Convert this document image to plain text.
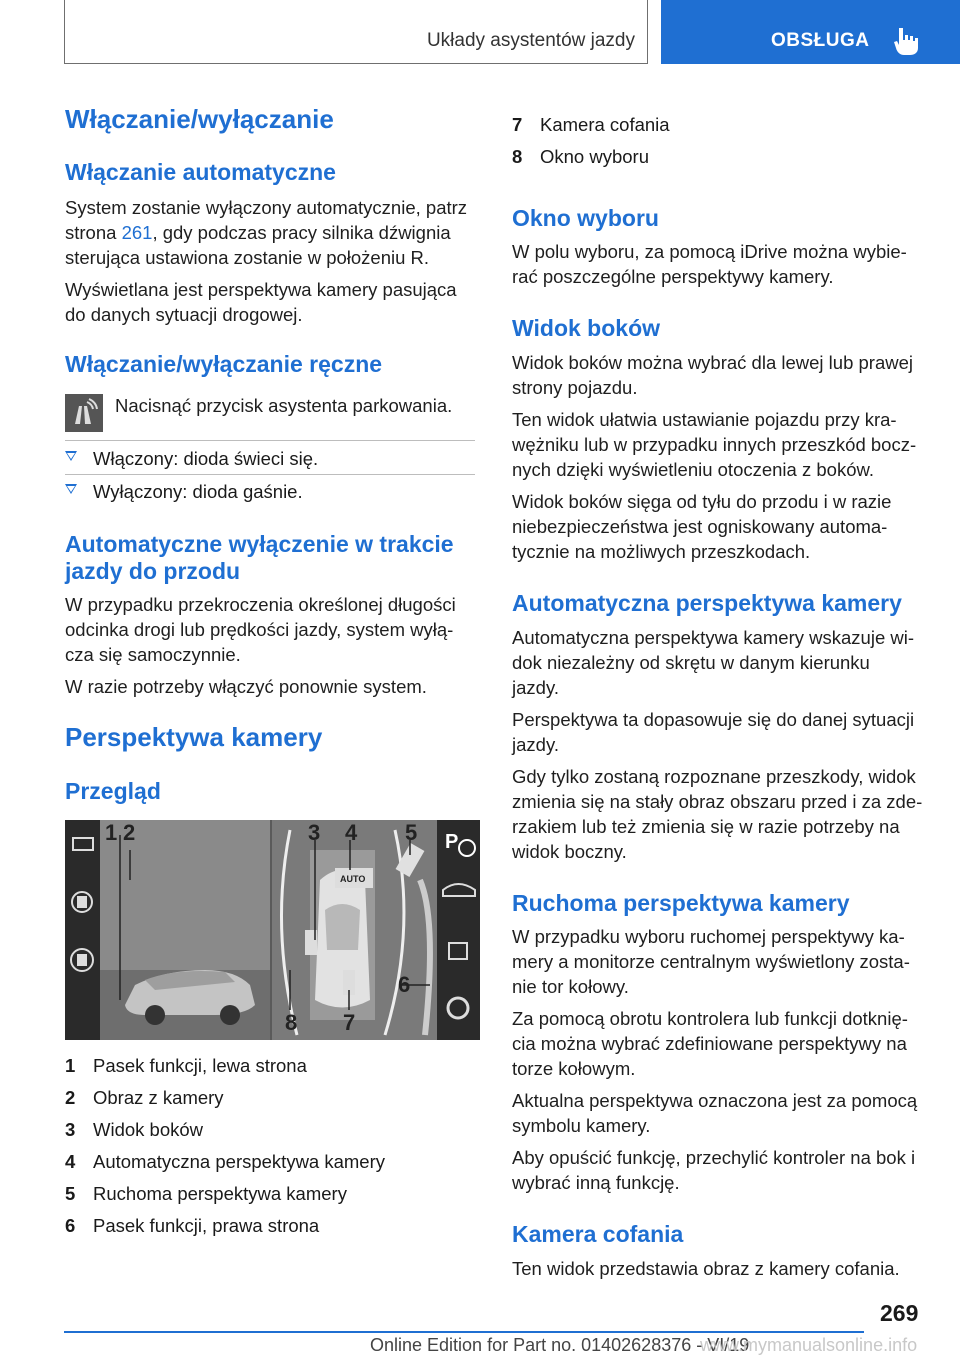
Układy asystentów jazdy	OBSŁUGA
Włączanie/wyłączanie
Włączanie automatyczne
System zostanie wyłączony automatycznie, patrz
strona 261, gdy podczas pracy silnika dźwignia
sterująca ustawiona zostanie w położeniu R.
Wyświetlana jest perspektywa kamery pasująca
do danych sytuacji drogowej.
Włączanie/wyłączanie ręczne
Nacisnąć przycisk asystenta parkowania.
Włączony: dioda świeci się.
Wyłączony: dioda gaśnie.
Automatyczne wyłączenie w trakcie
jazdy do przodu
W przypadku przekroczenia określonej długości
odcinka drogi lub prędkości jazdy, system wyłą‐
cza się samoczynnie.
W razie potrzeby włączyć ponownie system.
Perspektywa kamery
Przegląd
AUTO
P
1 2	3 4 5
6
7
8
1 Pasek funkcji, lewa strona
2 Obraz z kamery
3 Widok boków
4 Automatyczna perspektywa kamery
5 Ruchoma perspektywa kamery
6 Pasek funkcji, prawa strona
7 Kamera cofania
8 Okno wyboru
Okno wyboru
W polu wyboru, za pomocą iDrive można wybie‐
rać poszczególne perspektywy kamery.
Widok boków
Widok boków można wybrać dla lewej lub prawej
strony pojazdu.
Ten widok ułatwia ustawianie pojazdu przy kra‐
wężniku lub w przypadku innych przeszkód bocz‐
nych dzięki wyświetleniu otoczenia z boków.
Widok boków sięga od tyłu do przodu i w razie
niebezpieczeństwa jest ogniskowany automa‐
tycznie na możliwych przeszkodach.
Automatyczna perspektywa kamery
Automatyczna perspektywa kamery wskazuje wi‐
dok niezależny od skrętu w danym kierunku
jazdy.
Perspektywa ta dopasowuje się do danej sytuacji
jazdy.
Gdy tylko zostaną rozpoznane przeszkody, widok
zmienia się na stały obraz obszaru przed i za zde‐
rzakiem lub też zmienia się w razie potrzeby na
widok boczny.
Ruchoma perspektywa kamery
W przypadku wyboru ruchomej perspektywy ka‐
mery a monitorze centralnym wyświetlony zosta‐
nie tor kołowy.
Za pomocą obrotu kontrolera lub funkcji dotknię‐
cia można wybrać zdefiniowane perspektywy na
torze kołowym.
Aktualna perspektywa oznaczona jest za pomocą
symbolu kamery.
Aby opuścić funkcję, przechylić kontroler na bok i
wybrać inną funkcję.
Kamera cofania
Ten widok przedstawia obraz z kamery cofania.
269
Online Edition for Part no. 01402628376 - VI/19
www.mymanualsonline.info
